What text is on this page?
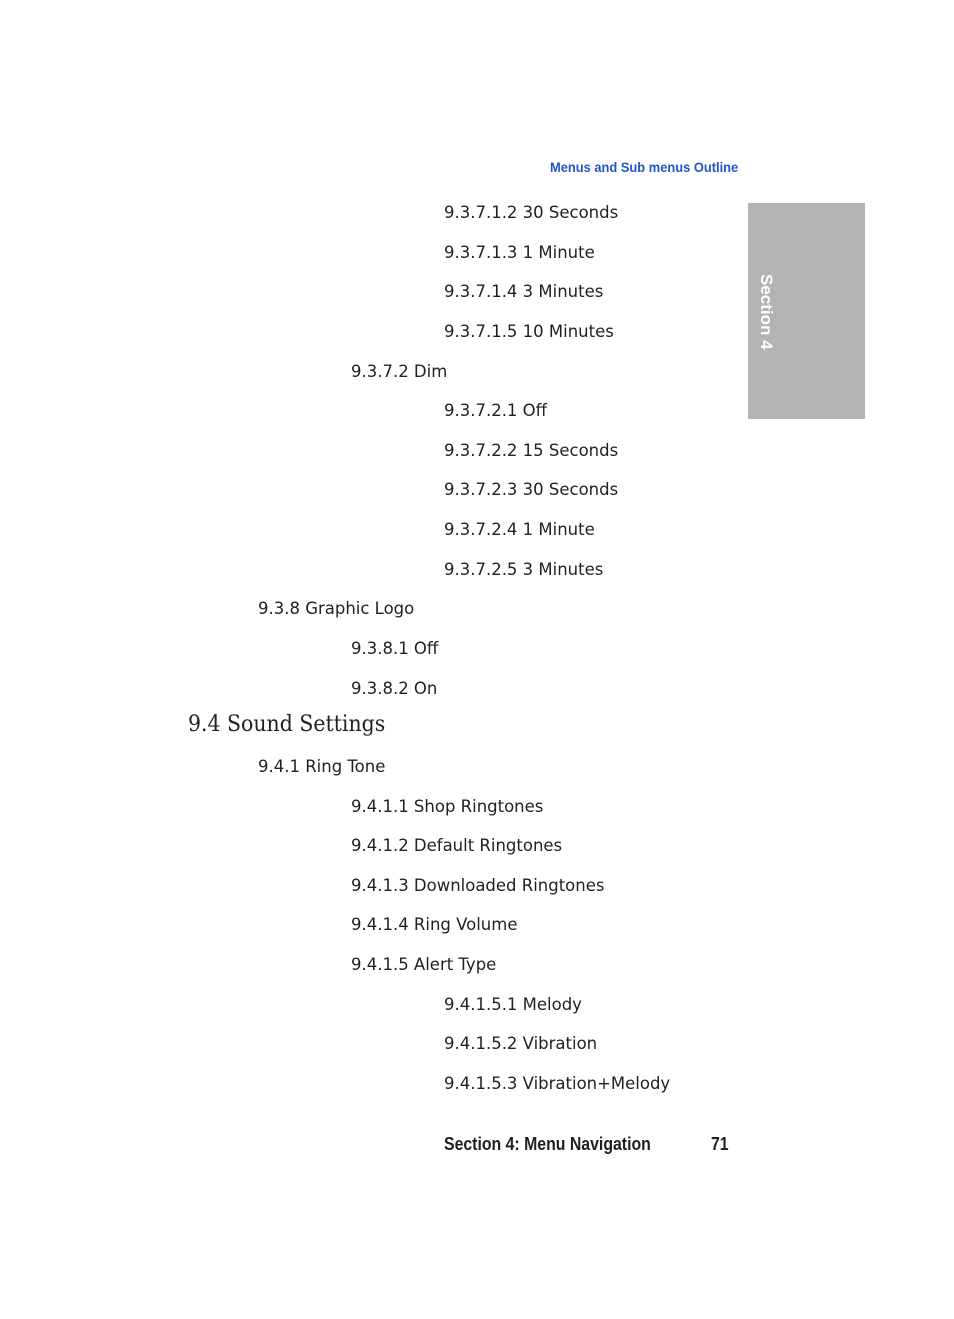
Menus and Sub menus Outline
Section 4
9.3.7.1.2 30 Seconds
9.3.7.1.3 1 Minute
9.3.7.1.4 3 Minutes
9.3.7.1.5 10 Minutes
9.3.7.2 Dim
9.3.7.2.1 Off
9.3.7.2.2 15 Seconds
9.3.7.2.3 30 Seconds
9.3.7.2.4 1 Minute
9.3.7.2.5 3 Minutes
9.3.8 Graphic Logo
9.3.8.1 Off
9.3.8.2 On
9.4 Sound Settings
9.4.1 Ring Tone
9.4.1.1 Shop Ringtones
9.4.1.2 Default Ringtones
9.4.1.3 Downloaded Ringtones
9.4.1.4 Ring Volume
9.4.1.5 Alert Type
9.4.1.5.1 Melody
9.4.1.5.2 Vibration
9.4.1.5.3 Vibration+Melody
Section 4: Menu Navigation	71
